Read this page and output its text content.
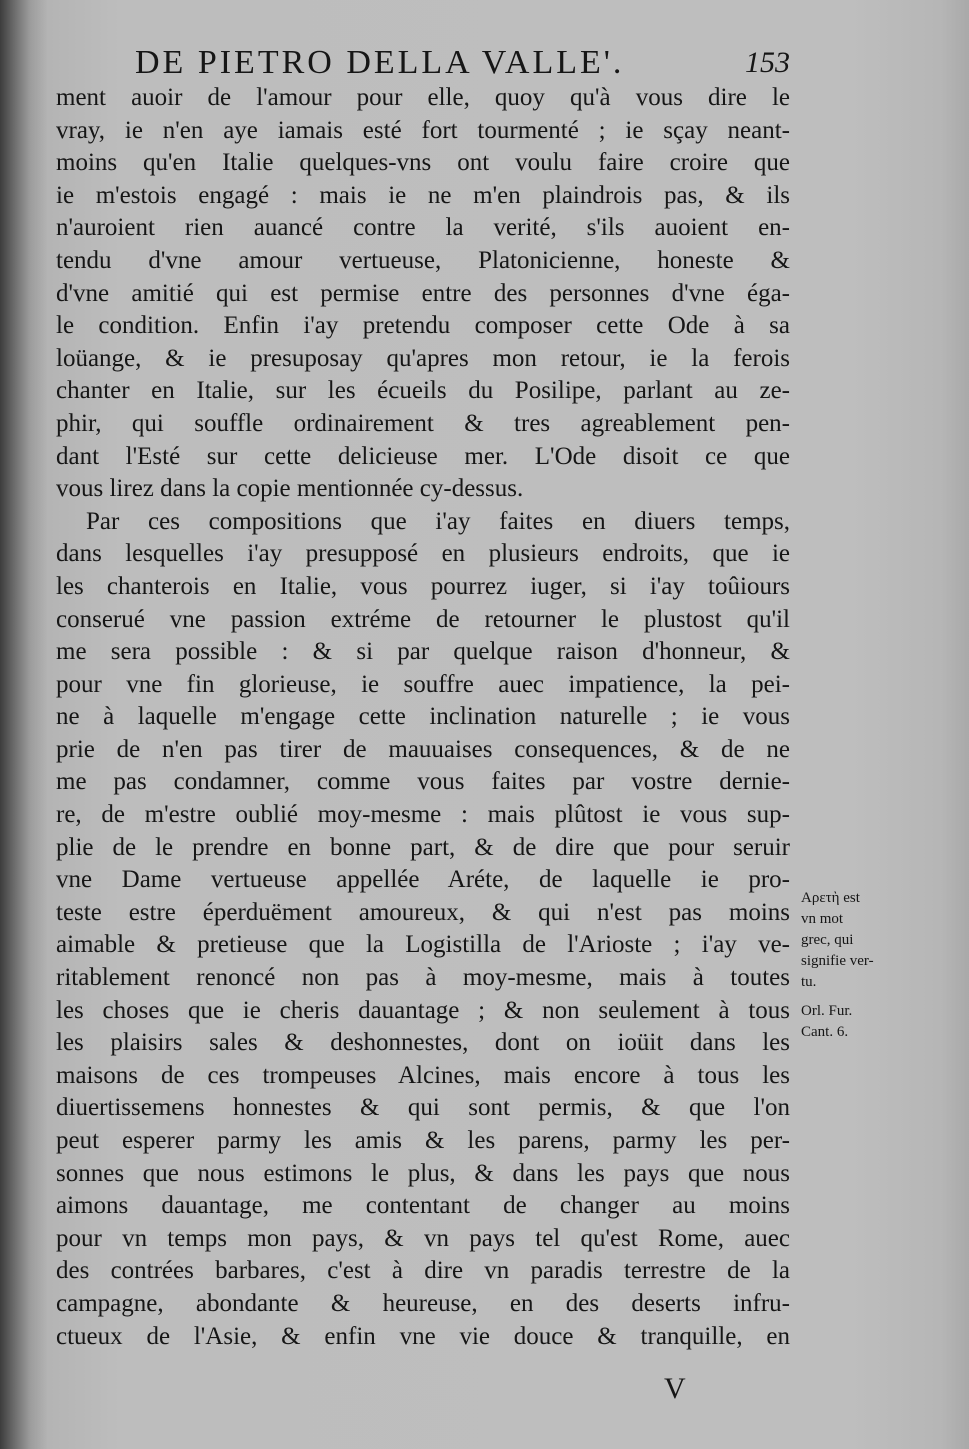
DE PIETRO DELLA VALLE'.	153
ment auoir de l'amour pour elle, quoy qu'à vous dire le
vray, ie n'en aye iamais esté fort tourmenté ; ie sçay neant-
moins qu'en Italie quelques-vns ont voulu faire croire que
ie m'estois engagé : mais ie ne m'en plaindrois pas, & ils
n'auroient rien auancé contre la verité, s'ils auoient en-
tendu d'vne amour vertueuse, Platonicienne, honeste &
d'vne amitié qui est permise entre des personnes d'vne éga-
le condition. Enfin i'ay pretendu composer cette Ode à sa
loüange, & ie presuposay qu'apres mon retour, ie la ferois
chanter en Italie, sur les écueils du Posilipe, parlant au ze-
phir, qui souffle ordinairement & tres agreablement pen-
dant l'Esté sur cette delicieuse mer. L'Ode disoit ce que
vous lirez dans la copie mentionnée cy-dessus.
Par ces compositions que i'ay faites en diuers temps,
dans lesquelles i'ay presupposé en plusieurs endroits, que ie
les chanterois en Italie, vous pourrez iuger, si i'ay toûiours
conserué vne passion extréme de retourner le plustost qu'il
me sera possible : & si par quelque raison d'honneur, &
pour vne fin glorieuse, ie souffre auec impatience, la pei-
ne à laquelle m'engage cette inclination naturelle ; ie vous
prie de n'en pas tirer de mauuaises consequences, & de ne
me pas condamner, comme vous faites par vostre dernie-
re, de m'estre oublié moy-mesme : mais plûtost ie vous sup-
plie de le prendre en bonne part, & de dire que pour seruir
vne Dame vertueuse appellée Aréte, de laquelle ie pro-
teste estre éperduëment amoureux, & qui n'est pas moins
aimable & pretieuse que la Logistilla de l'Arioste ; i'ay ve-
ritablement renoncé non pas à moy-mesme, mais à toutes
les choses que ie cheris dauantage ; & non seulement à tous
les plaisirs sales & deshonnestes, dont on ioüit dans les
maisons de ces trompeuses Alcines, mais encore à tous les
diuertissemens honnestes & qui sont permis, & que l'on
peut esperer parmy les amis & les parens, parmy les per-
sonnes que nous estimons le plus, & dans les pays que nous
aimons dauantage, me contentant de changer au moins
pour vn temps mon pays, & vn pays tel qu'est Rome, auec
des contrées barbares, c'est à dire vn paradis terrestre de la
campagne, abondante & heureuse, en des deserts infru-
ctueux de l'Asie, & enfin vne vie douce & tranquille, en
Αρετὴ est
vn mot
grec, qui
signifie ver-
tu.
Orl. Fur.
Cant. 6.
V
